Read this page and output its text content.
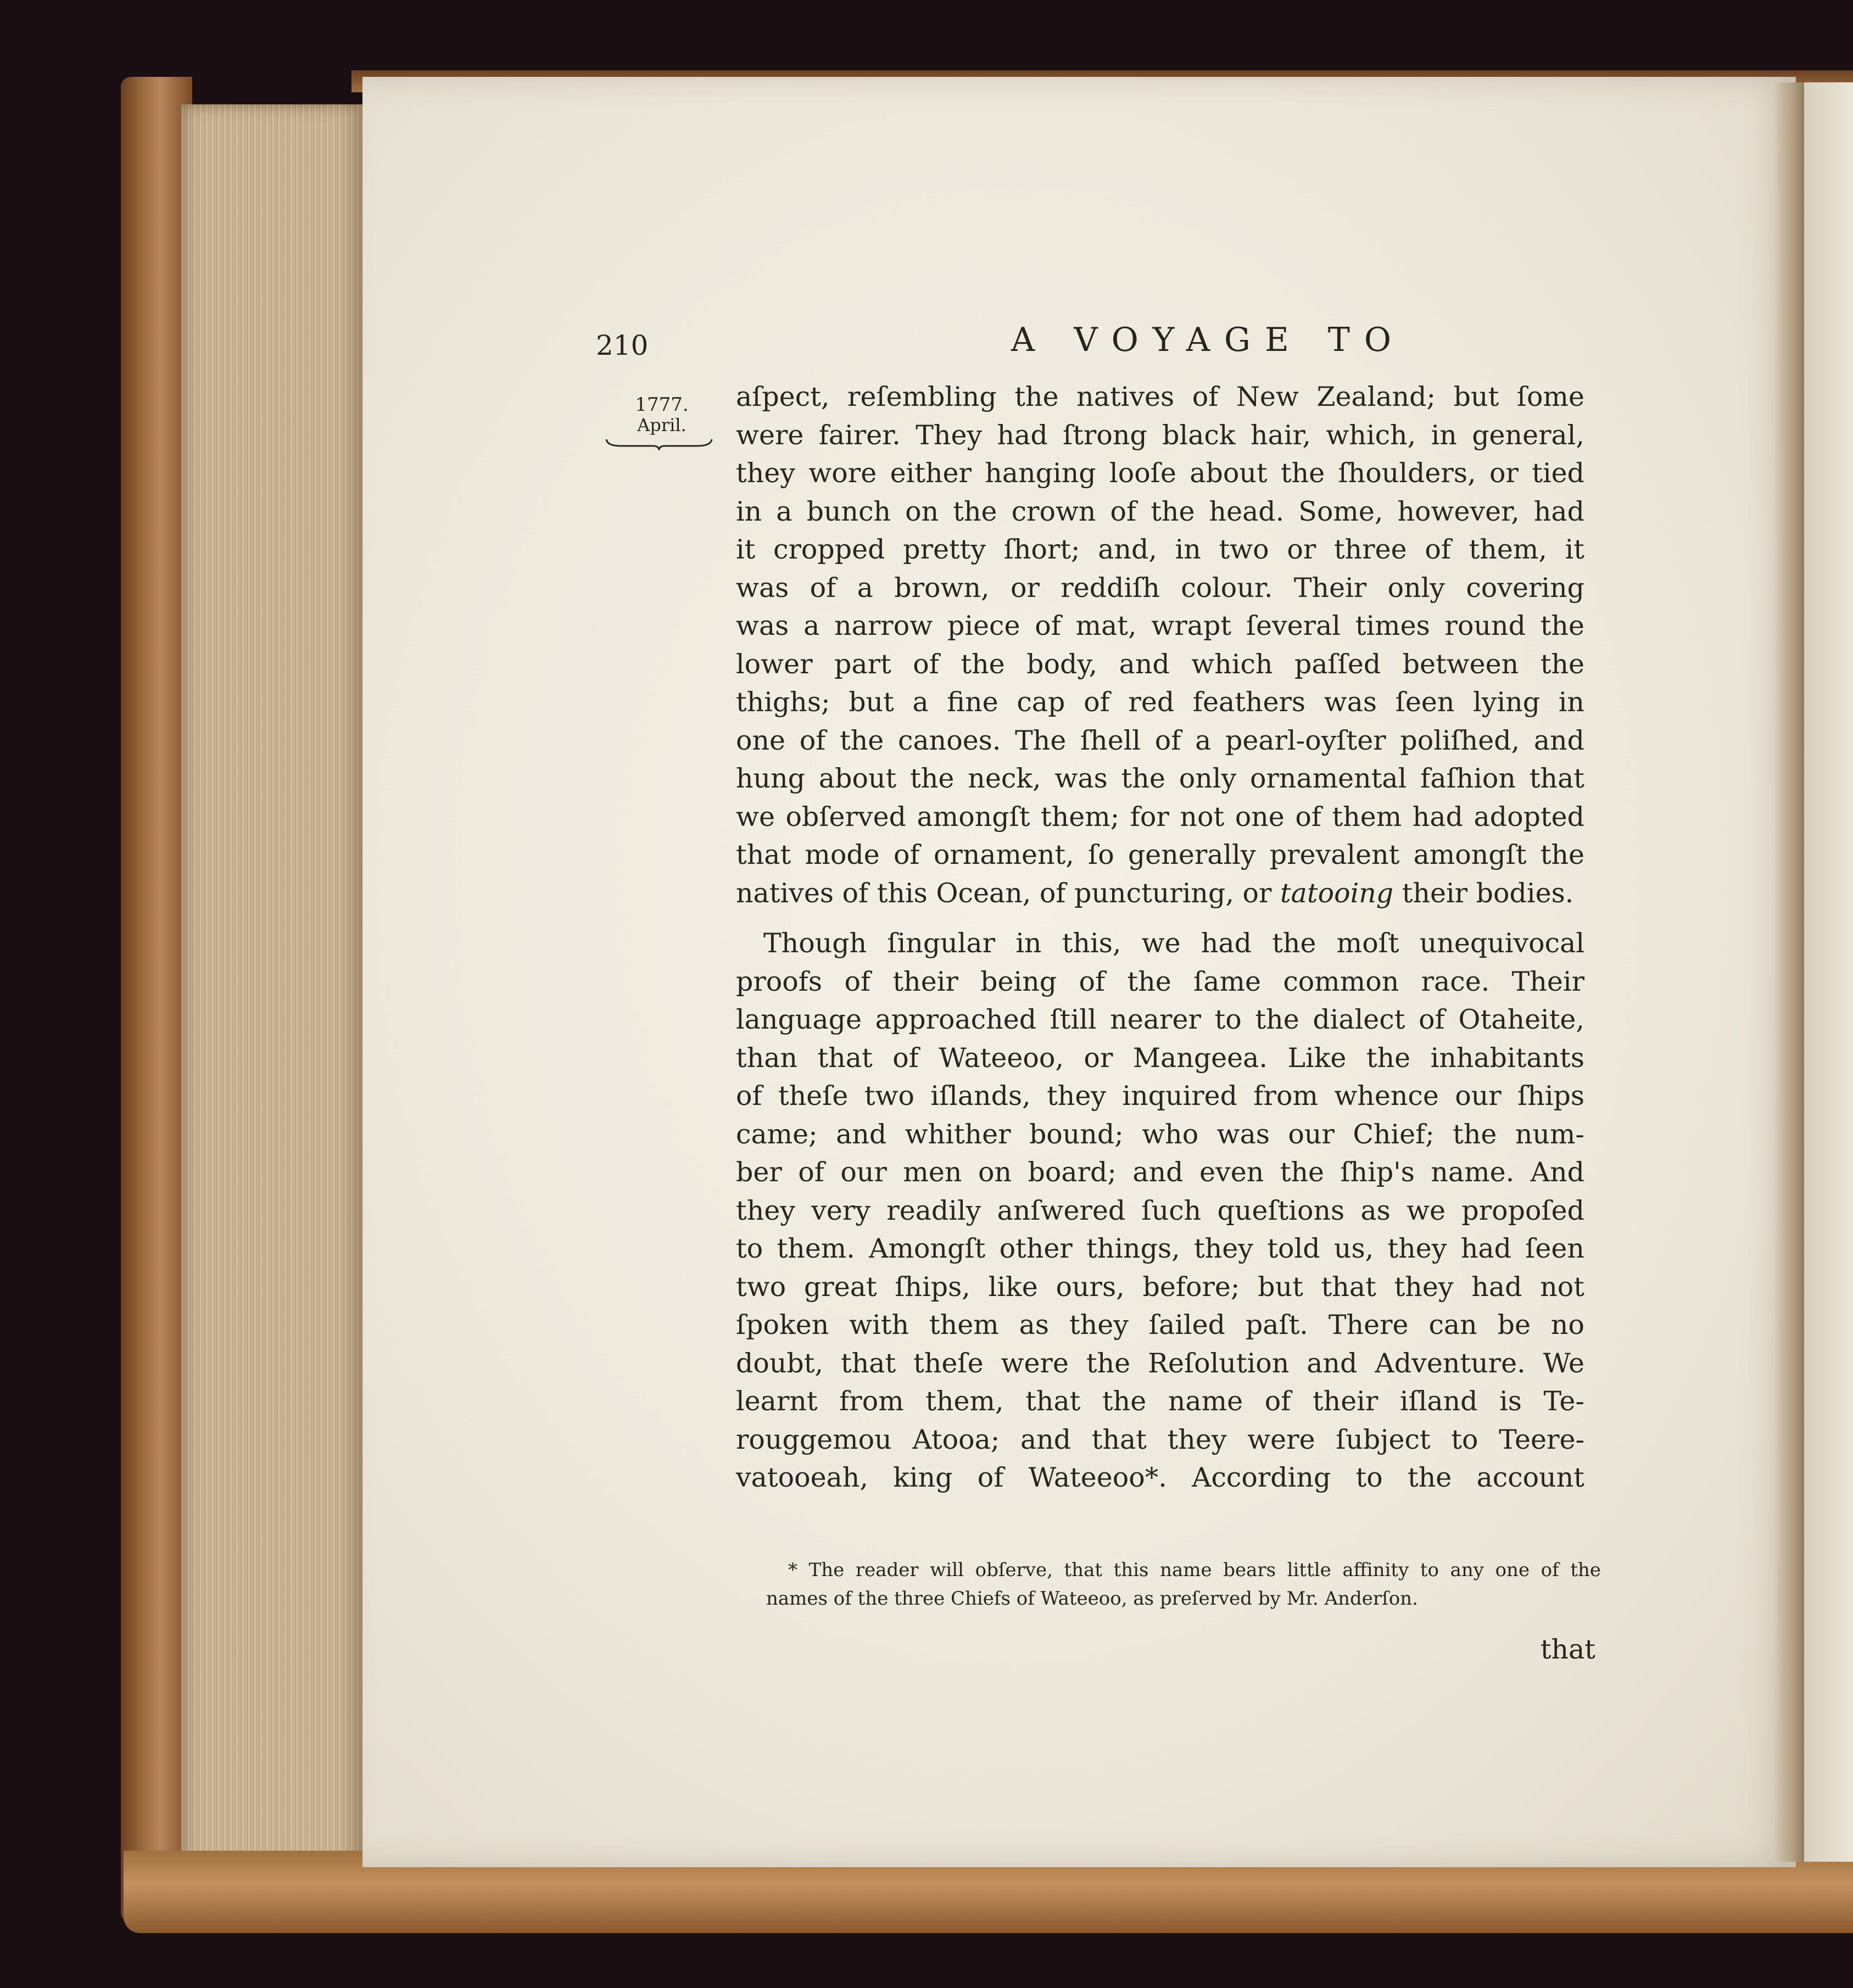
210	A VOYAGE TO
1777.
April.

aſpect, reſembling the natives of New Zealand; but ſome
were fairer. They had ſtrong black hair, which, in general,
they wore either hanging looſe about the ſhoulders, or tied
in a bunch on the crown of the head. Some, however, had
it cropped pretty ſhort; and, in two or three of them, it
was of a brown, or reddiſh colour. Their only covering
was a narrow piece of mat, wrapt ſeveral times round the
lower part of the body, and which paſſed between the
thighs; but a fine cap of red feathers was ſeen lying in
one of the canoes. The ſhell of a pearl-oyſter poliſhed, and
hung about the neck, was the only ornamental faſhion that
we obſerved amongſt them; for not one of them had adopted
that mode of ornament, ſo generally prevalent amongſt the
natives of this Ocean, of puncturing, or tatooing their bodies.

Though ſingular in this, we had the moſt unequivocal
proofs of their being of the ſame common race. Their
language approached ſtill nearer to the dialect of Otaheite,
than that of Wateeoo, or Mangeea. Like the inhabitants
of theſe two iſlands, they inquired from whence our ſhips
came; and whither bound; who was our Chief; the num-
ber of our men on board; and even the ſhip's name. And
they very readily anſwered ſuch queſtions as we propoſed
to them. Amongſt other things, they told us, they had ſeen
two great ſhips, like ours, before; but that they had not
ſpoken with them as they ſailed paſt. There can be no
doubt, that theſe were the Reſolution and Adventure. We
learnt from them, that the name of their iſland is Te-
rouggemou Atooa; and that they were ſubject to Teere-
vatooeah, king of Wateeoo*. According to the account

* The reader will obſerve, that this name bears little affinity to any one of the
names of the three Chiefs of Wateeoo, as preſerved by Mr. Anderſon.
that
